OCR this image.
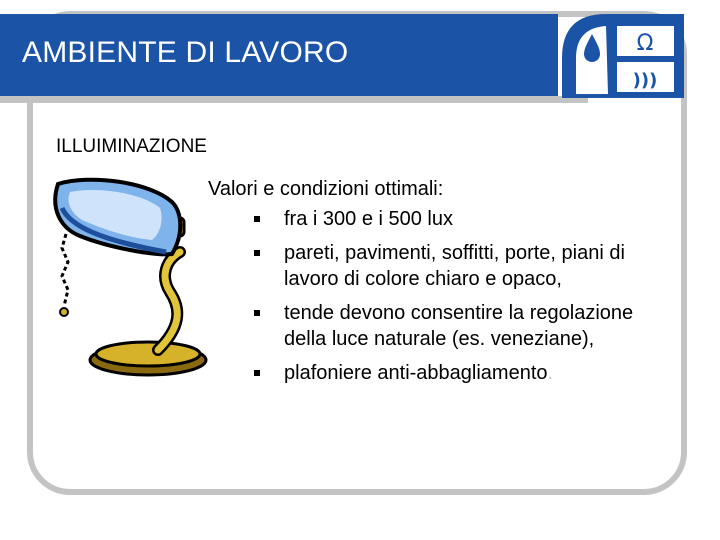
Ω
)))
AMBIENTE DI LAVORO
ILLUIMINAZIONE
Valori e condizioni ottimali:
fra i 300 e i 500 lux
pareti, pavimenti, soffitti, porte, piani di lavoro di colore chiaro e opaco,
tende devono consentire la regolazione della luce naturale (es. veneziane),
plafoniere anti-abbagliamento.
